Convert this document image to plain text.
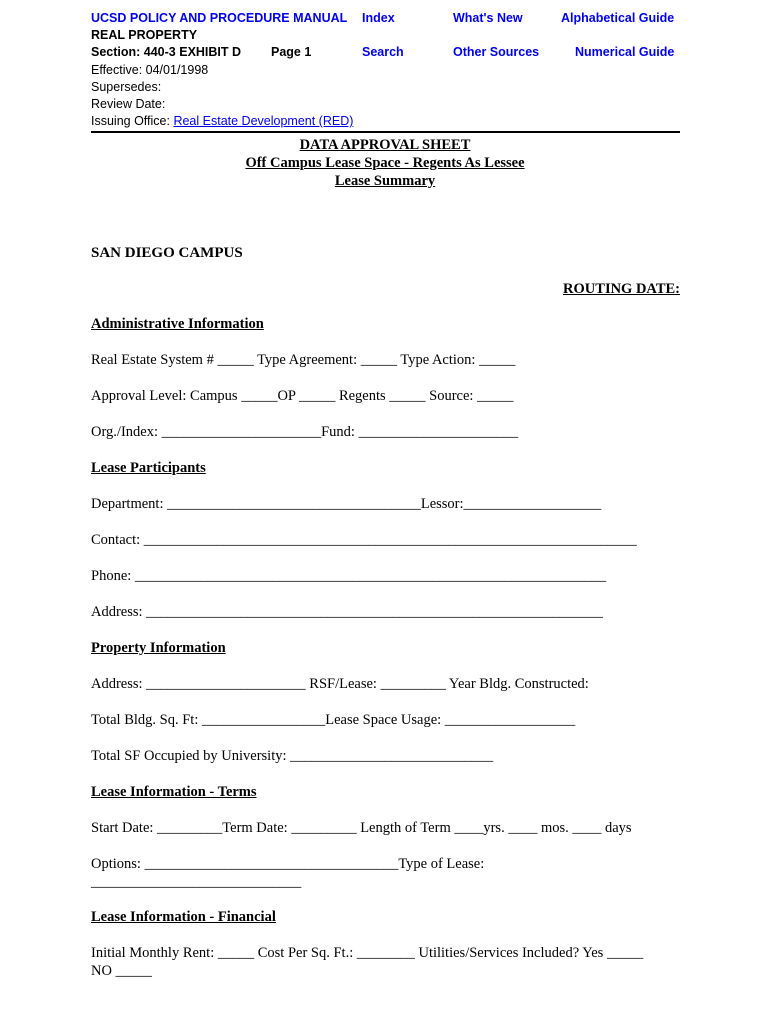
UCSD POLICY AND PROCEDURE MANUAL Index	What's New	Alphabetical Guide
REAL PROPERTY
Section: 440-3 EXHIBIT D Page 1	Search	Other Sources	Numerical Guide
Effective: 04/01/1998
Supersedes:
Review Date:
Issuing Office: Real Estate Development (RED)
DATA APPROVAL SHEET
Off Campus Lease Space - Regents As Lessee
Lease Summary
SAN DIEGO CAMPUS
ROUTING DATE:
Administrative Information
Real Estate System # _____ Type Agreement: _____ Type Action: _____
Approval Level: Campus _____OP _____ Regents _____ Source: _____
Org./Index: ______________________Fund: ______________________
Lease Participants
Department: ___________________________________Lessor:___________________
Contact: ____________________________________________________________________
Phone: _________________________________________________________________
Address: _______________________________________________________________
Property Information
Address: ______________________ RSF/Lease: _________ Year Bldg. Constructed:
Total Bldg. Sq. Ft: _________________Lease Space Usage: __________________
Total SF Occupied by University: ____________________________
Lease Information - Terms
Start Date: _________Term Date: _________ Length of Term ____yrs. ____ mos. ____ days
Options: ___________________________________Type of Lease:
_____________________________
Lease Information - Financial
Initial Monthly Rent: _____ Cost Per Sq. Ft.: ________ Utilities/Services Included? Yes _____
NO _____
